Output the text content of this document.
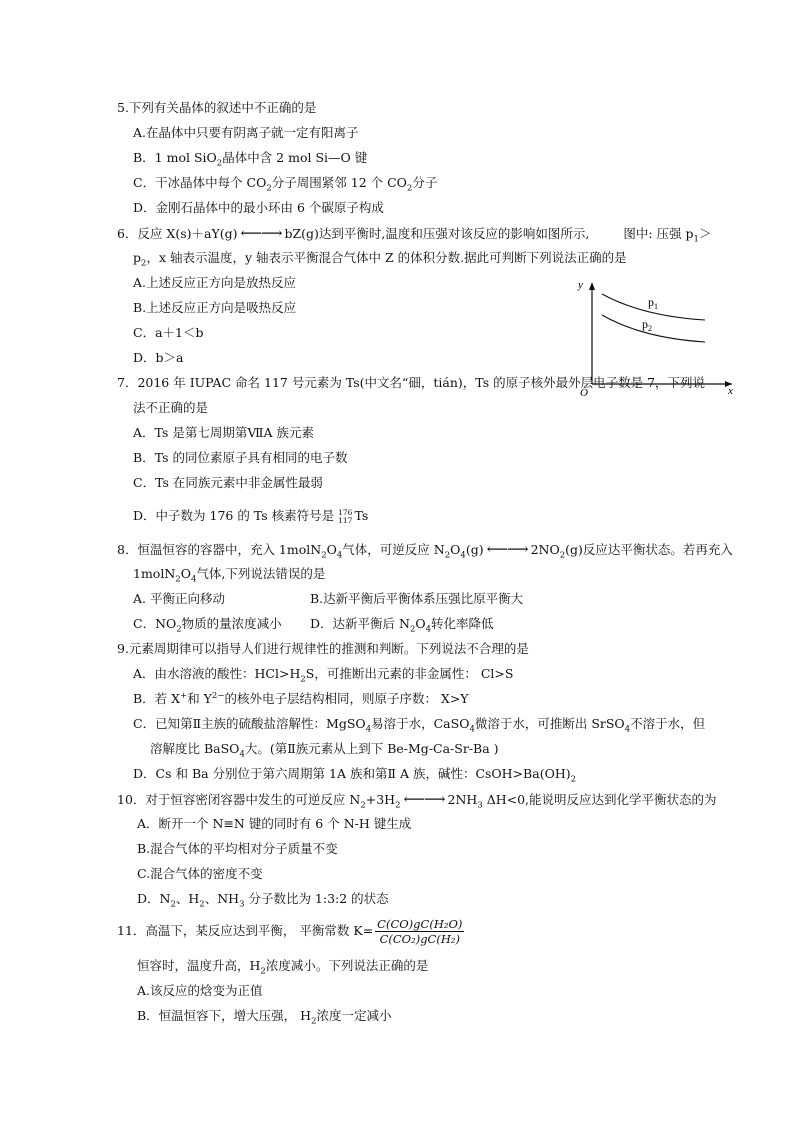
5.下列有关晶体的叙述中不正确的是
A.在晶体中只要有阴离子就一定有阳离子
B．1 mol SiO$_2$晶体中含 2 mol Si—O 键
C．干冰晶体中每个 $CO_2$分子周围紧邻 12 个 $CO_2$分子
D．金刚石晶体中的最小环由 6 个碳原子构成
6．反应 X(s)＋aY(g) ⟵⟶ bZ(g)达到平衡时,温度和压强对该反应的影响如图所示,	图中: 压强 $p_1>$
$p_2$，x 轴表示温度，y 轴表示平衡混合气体中 Z 的体积分数.据此可判断下列说法正确的是
A.上述反应正方向是放热反应
B.上述反应正方向是吸热反应
C．a＋1＜b
D．b＞a
y
x
O
$p_1$
$p_2$
7．2016 年 IUPAC 命名 117 号元素为 Ts(中文名“鿬，tián)，Ts 的原子核外最外层电子数是 7，下列说
法不正确的是
A．Ts 是第七周期第ⅦA 族元素
B．Ts 的同位素原子具有相同的电子数
C．Ts 在同族元素中非金属性最弱
D．中子数为 176 的 Ts 核素符号是 176
117 Ts
8．恒温恒容的容器中，充入 $1molN_2O_4$气体，可逆反应 $N_2O_4(g)$ ⟵⟶ $2NO_2(g)$反应达平衡状态。若再充入
$1molN_2O_4$气体,下列说法错误的是
A. 平衡正向移动	B.达新平衡后平衡体系压强比原平衡大
C．$NO_2$物质的量浓度减小 D．达新平衡后 $N_2O_4$转化率降低
9.元素周期律可以指导人们进行规律性的推测和判断。下列说法不合理的是
A．由水溶液的酸性：$HCl>H_2S$，可推断出元素的非金属性： Cl>S
B．若 X+和 $Y^{2-}$的核外电子层结构相同，则原子序数： X>Y
C．已知第Ⅱ主族的硫酸盐溶解性：MgSO$_4$易溶于水，CaSO$_4$微溶于水，可推断出 SrSO$_4$不溶于水，但
溶解度比 BaSO$_4$大。(第Ⅱ族元素从上到下 Be-Mg-Ca-Sr-Ba )
D．Cs 和 Ba 分别位于第六周期第 1A 族和第Ⅱ A 族，碱性：$CsOH>Ba(OH)_2$
10．对于恒容密闭容器中发生的可逆反应 $N_2+3H_2$ ⟵⟶ $2NH_3$ ΔH<0,能说明反应达到化学平衡状态的为
A．断开一个 N≡N 键的同时有 6 个 N-H 键生成
B.混合气体的平均相对分子质量不变
C.混合气体的密度不变
D．$N_2$、$H_2$、$NH_3$ 分子数比为 1:3:2 的状态
11．高温下，某反应达到平衡， 平衡常数 $K= \frac{\text{C(CO)gC(H₂O)}}{\text{C(CO₂)gC(H₂)}}$
恒容时，温度升高，$H_2$浓度减小。下列说法正确的是
A.该反应的焓变为正值
B．恒温恒容下，增大压强， $H_2$浓度一定减小
